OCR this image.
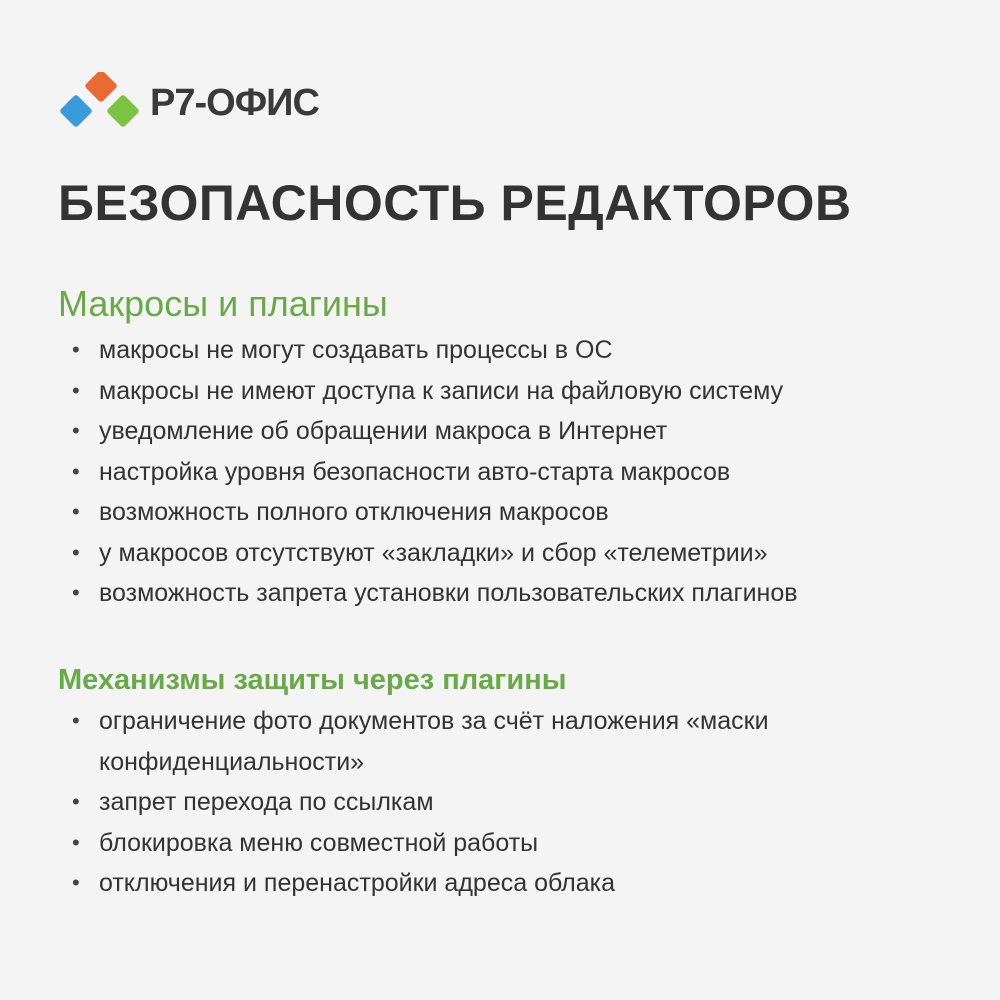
Р7-ОФИС
БЕЗОПАСНОСТЬ РЕДАКТОРОВ
Макросы и плагины
• макросы не могут создавать процессы в ОС
• макросы не имеют доступа к записи на файловую систему
• уведомление об обращении макроса в Интернет
• настройка уровня безопасности авто-старта макросов
• возможность полного отключения макросов
• у макросов отсутствуют «закладки» и сбор «телеметрии»
• возможность запрета установки пользовательских плагинов
Механизмы защиты через плагины
• ограничение фото документов за счёт наложения «маски конфиденциальности»
• запрет перехода по ссылкам
• блокировка меню совместной работы
• отключения и перенастройки адреса облака
